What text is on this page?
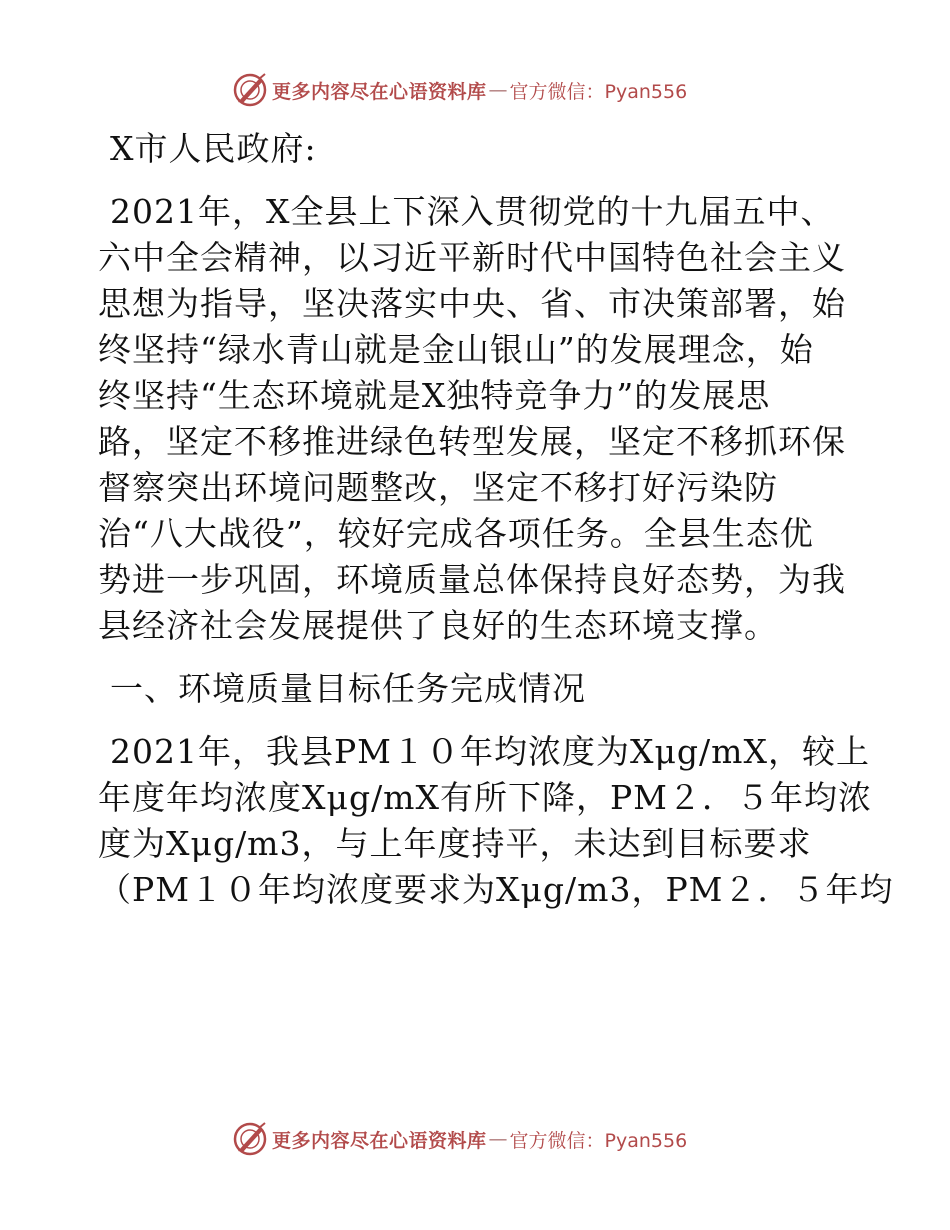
更多内容尽在心语资料库 — 官方微信：Pyan556
X市人民政府:
2021年，X全县上下深入贯彻党的十九届五中、
六中全会精神，以习近平新时代中国特色社会主义
思想为指导，坚决落实中央、省、市决策部署，始
终坚持“绿水青山就是金山银山”的发展理念，始
终坚持“生态环境就是X独特竞争力”的发展思
路，坚定不移推进绿色转型发展，坚定不移抓环保
督察突出环境问题整改，坚定不移打好污染防
治“八大战役”，较好完成各项任务。全县生态优
势进一步巩固，环境质量总体保持良好态势，为我
县经济社会发展提供了良好的生态环境支撑。
一、环境质量目标任务完成情况
2021年，我县PM１０年均浓度为Xμg/mX，较上
年度年均浓度Xμg/mX有所下降，PM２．５年均浓
度为Xμg/m3，与上年度持平，未达到目标要求
（PM１０年均浓度要求为Xμg/m3，PM２．５年均
更多内容尽在心语资料库 — 官方微信：Pyan556
